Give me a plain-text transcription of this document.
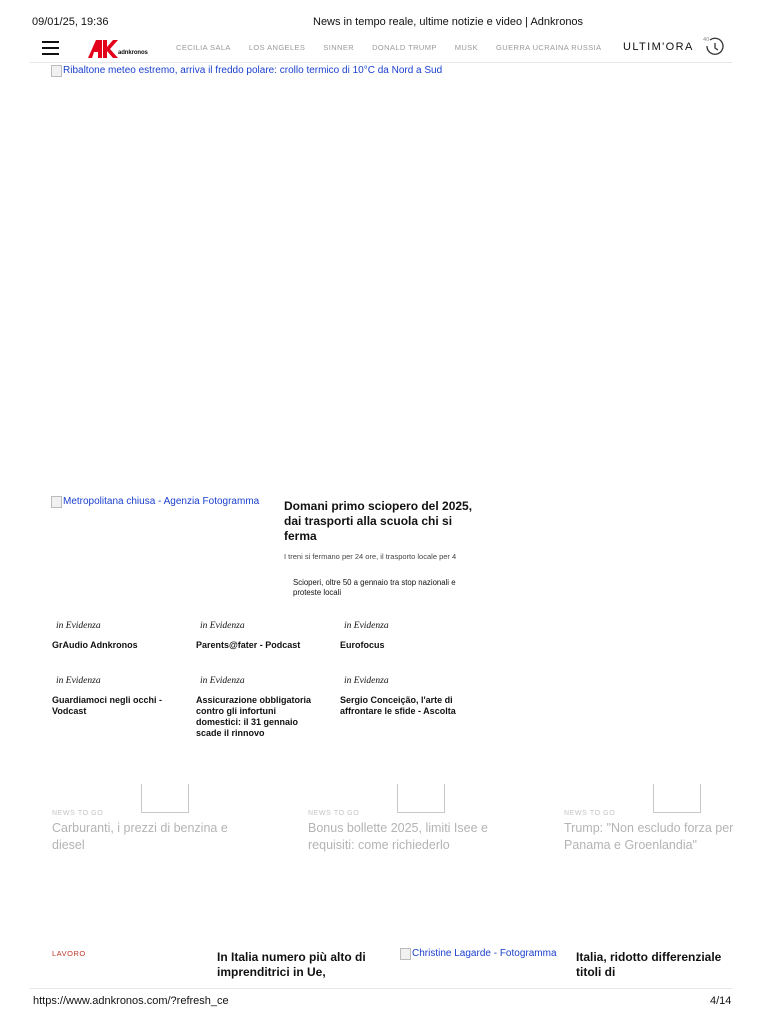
09/01/25, 19:36	News in tempo reale, ultime notizie e video | Adnkronos
adnkronos
CECILIA SALA LOS ANGELES SINNER DONALD TRUMP MUSK GUERRA UCRAINA RUSSIA ULTIM'ORA
40
Ribaltone meteo estremo, arriva il freddo polare: crollo termico di 10°C da Nord a Sud
Metropolitana chiusa - Agenzia Fotogramma Domani primo sciopero del 2025, dai trasporti alla scuola chi si ferma
I treni si fermano per 24 ore, il trasporto locale per 4
Scioperi, oltre 50 a gennaio tra stop nazionali e proteste locali
in Evidenza
GrAudio Adnkronos
in Evidenza
Parents@fater - Podcast
in Evidenza
Eurofocus
in Evidenza
Guardiamoci negli occhi - Vodcast
in Evidenza
Assicurazione obbligatoria contro gli infortuni domestici: il 31 gennaio scade il rinnovo
in Evidenza
Sergio Conceição, l'arte di affrontare le sfide - Ascolta
NEWS TO GO
Carburanti, i prezzi di benzina e diesel
NEWS TO GO
Bonus bollette 2025, limiti Isee e requisiti: come richiederlo
NEWS TO GO
Trump: "Non escludo forza per Panama e Groenlandia"
LAVORO	In Italia numero più alto di imprenditrici in Ue,
Christine Lagarde - Fotogramma Italia, ridotto differenziale titoli di
https://www.adnkronos.com/?refresh_ce	4/14
